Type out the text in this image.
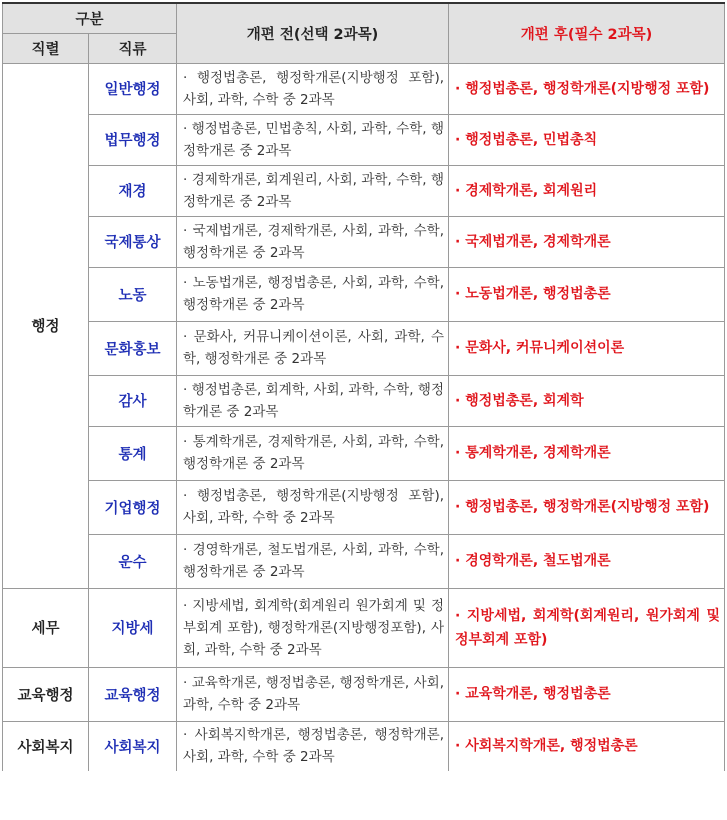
구분		개편 전(선택 2과목)	개편 후(필수 2과목)
직렬	직류		
행정	일반행정	· 행정법총론, 행정학개론(지방행정 포함), 사회, 과학, 수학 중 2과목	· 행정법총론, 행정학개론(지방행정 포함)
	법무행정	· 행정법총론, 민법총칙, 사회, 과학, 수학, 행정학개론 중 2과목	· 행정법총론, 민법총칙
	재경	· 경제학개론, 회계원리, 사회, 과학, 수학, 행정학개론 중 2과목	· 경제학개론, 회계원리
	국제통상	· 국제법개론, 경제학개론, 사회, 과학, 수학, 행정학개론 중 2과목	· 국제법개론, 경제학개론
	노동	· 노동법개론, 행정법총론, 사회, 과학, 수학, 행정학개론 중 2과목	· 노동법개론, 행정법총론
	문화홍보	· 문화사, 커뮤니케이션이론, 사회, 과학, 수학, 행정학개론 중 2과목	· 문화사, 커뮤니케이션이론
	감사	· 행정법총론, 회계학, 사회, 과학, 수학, 행정학개론 중 2과목	· 행정법총론, 회계학
	통계	· 통계학개론, 경제학개론, 사회, 과학, 수학, 행정학개론 중 2과목	· 통계학개론, 경제학개론
	기업행정	· 행정법총론, 행정학개론(지방행정 포함), 사회, 과학, 수학 중 2과목	· 행정법총론, 행정학개론(지방행정 포함)
	운수	· 경영학개론, 철도법개론, 사회, 과학, 수학, 행정학개론 중 2과목	· 경영학개론, 철도법개론
세무	지방세	· 지방세법, 회계학(회계원리 원가회계 및 정부회계 포함), 행정학개론(지방행정포함), 사회, 과학, 수학 중 2과목	· 지방세법, 회계학(회계원리, 원가회계 및 정부회계 포함)
교육행정	교육행정	· 교육학개론, 행정법총론, 행정학개론, 사회, 과학, 수학 중 2과목	· 교육학개론, 행정법총론
사회복지	사회복지	· 사회복지학개론, 행정법총론, 행정학개론, 사회, 과학, 수학 중 2과목	· 사회복지학개론, 행정법총론
